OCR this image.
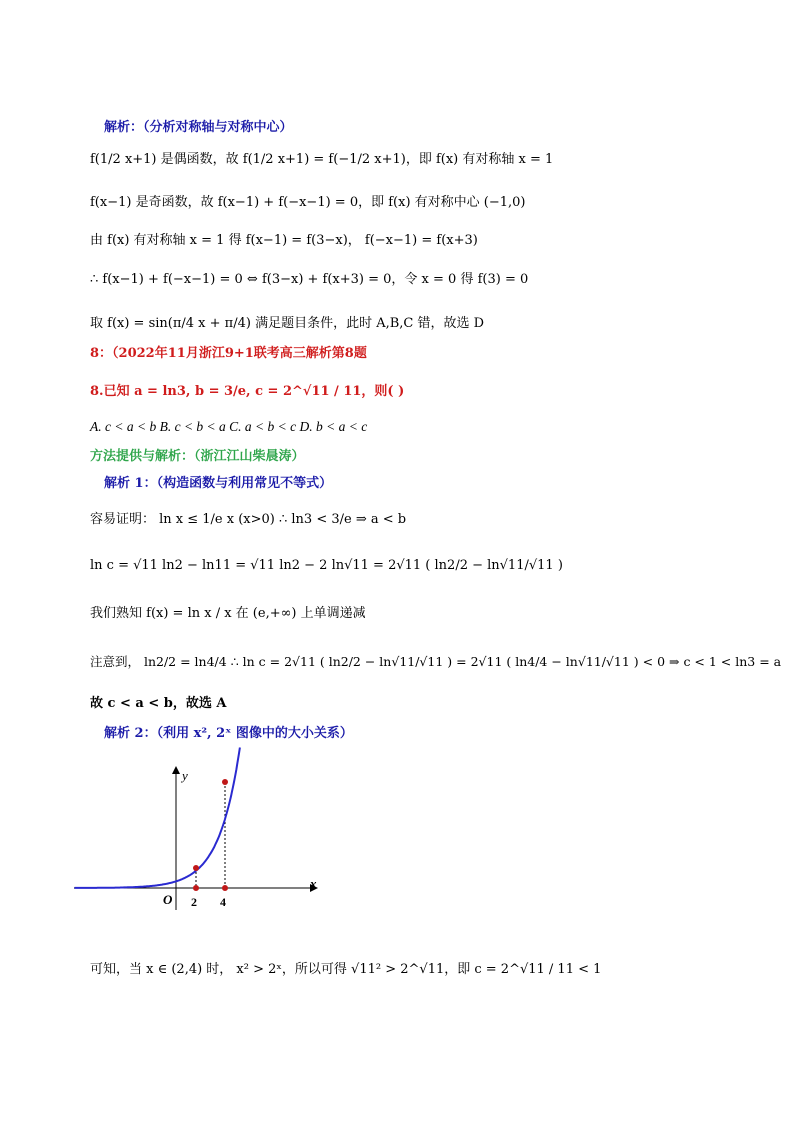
解析：（分析对称轴与对称中心）
f(1/2 x+1) 是偶函数，故 f(1/2 x+1) = f(−1/2 x+1)，即 f(x) 有对称轴 x = 1
f(x−1) 是奇函数，故 f(x−1) + f(−x−1) = 0，即 f(x) 有对称中心 (−1,0)
由 f(x) 有对称轴 x = 1 得 f(x−1) = f(3−x)， f(−x−1) = f(x+3)
∴ f(x−1) + f(−x−1) = 0 ⇔ f(3−x) + f(x+3) = 0，令 x = 0 得 f(3) = 0
取 f(x) = sin(π/4 x + π/4) 满足题目条件，此时 A,B,C 错，故选 D
8：（2022年11月浙江9+1联考高三解析第8题
8.已知 a = ln3, b = 3/e, c = 2^√11 / 11，则( )
A. c < a < b B. c < b < a C. a < b < c D. b < a < c
方法提供与解析：（浙江江山柴晨涛）
解析 1：（构造函数与利用常见不等式）
容易证明： ln x ≤ 1/e x (x>0) ∴ ln3 < 3/e ⇒ a < b
ln c = √11 ln2 − ln11 = √11 ln2 − 2 ln√11 = 2√11 ( ln2/2 − ln√11/√11 )
我们熟知 f(x) = ln x / x 在 (e,+∞) 上单调递减
注意到， ln2/2 = ln4/4 ∴ ln c = 2√11 ( ln2/2 − ln√11/√11 ) = 2√11 ( ln4/4 − ln√11/√11 ) < 0 ⇒ c < 1 < ln3 = a
故 c < a < b，故选 A
解析 2：（利用 x², 2ˣ 图像中的大小关系）
y
x
O 2 4
可知，当 x ∈ (2,4) 时， x² > 2ˣ，所以可得 √11² > 2^√11，即 c = 2^√11 / 11 < 1
